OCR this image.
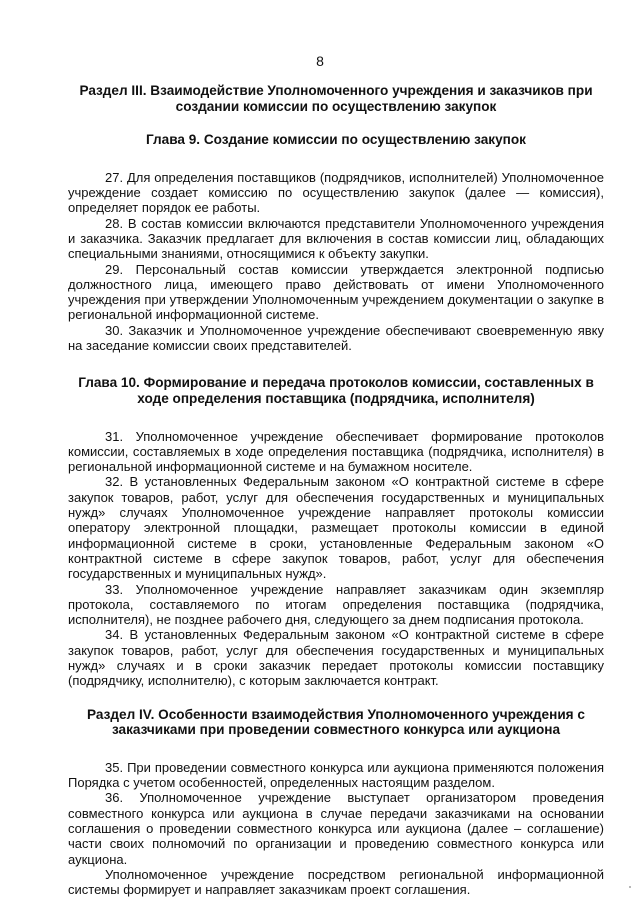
8

Раздел III. Взаимодействие Уполномоченного учреждения и заказчиков при создании комиссии по осуществлению закупок

Глава 9. Создание комиссии по осуществлению закупок

27. Для определения поставщиков (подрядчиков, исполнителей) Уполномоченное учреждение создает комиссию по осуществлению закупок (далее — комиссия), определяет порядок ее работы.

28. В состав комиссии включаются представители Уполномоченного учреждения и заказчика. Заказчик предлагает для включения в состав комиссии лиц, обладающих специальными знаниями, относящимися к объекту закупки.

29. Персональный состав комиссии утверждается электронной подписью должностного лица, имеющего право действовать от имени Уполномоченного учреждения при утверждении Уполномоченным учреждением документации о закупке в региональной информационной системе.

30. Заказчик и Уполномоченное учреждение обеспечивают своевременную явку на заседание комиссии своих представителей.

Глава 10. Формирование и передача протоколов комиссии, составленных в ходе определения поставщика (подрядчика, исполнителя)

31. Уполномоченное учреждение обеспечивает формирование протоколов комиссии, составляемых в ходе определения поставщика (подрядчика, исполнителя) в региональной информационной системе и на бумажном носителе.

32. В установленных Федеральным законом «О контрактной системе в сфере закупок товаров, работ, услуг для обеспечения государственных и муниципальных нужд» случаях Уполномоченное учреждение направляет протоколы комиссии оператору электронной площадки, размещает протоколы комиссии в единой информационной системе в сроки, установленные Федеральным законом «О контрактной системе в сфере закупок товаров, работ, услуг для обеспечения государственных и муниципальных нужд».

33. Уполномоченное учреждение направляет заказчикам один экземпляр протокола, составляемого по итогам определения поставщика (подрядчика, исполнителя), не позднее рабочего дня, следующего за днем подписания протокола.

34. В установленных Федеральным законом «О контрактной системе в сфере закупок товаров, работ, услуг для обеспечения государственных и муниципальных нужд» случаях и в сроки заказчик передает протоколы комиссии поставщику (подрядчику, исполнителю), с которым заключается контракт.

Раздел IV. Особенности взаимодействия Уполномоченного учреждения с заказчиками при проведении совместного конкурса или аукциона

35. При проведении совместного конкурса или аукциона применяются положения Порядка с учетом особенностей, определенных настоящим разделом.

36. Уполномоченное учреждение выступает организатором проведения совместного конкурса или аукциона в случае передачи заказчиками на основании соглашения о проведении совместного конкурса или аукциона (далее – соглашение) части своих полномочий по организации и проведению совместного конкурса или аукциона.

Уполномоченное учреждение посредством региональной информационной системы формирует и направляет заказчикам проект соглашения.
